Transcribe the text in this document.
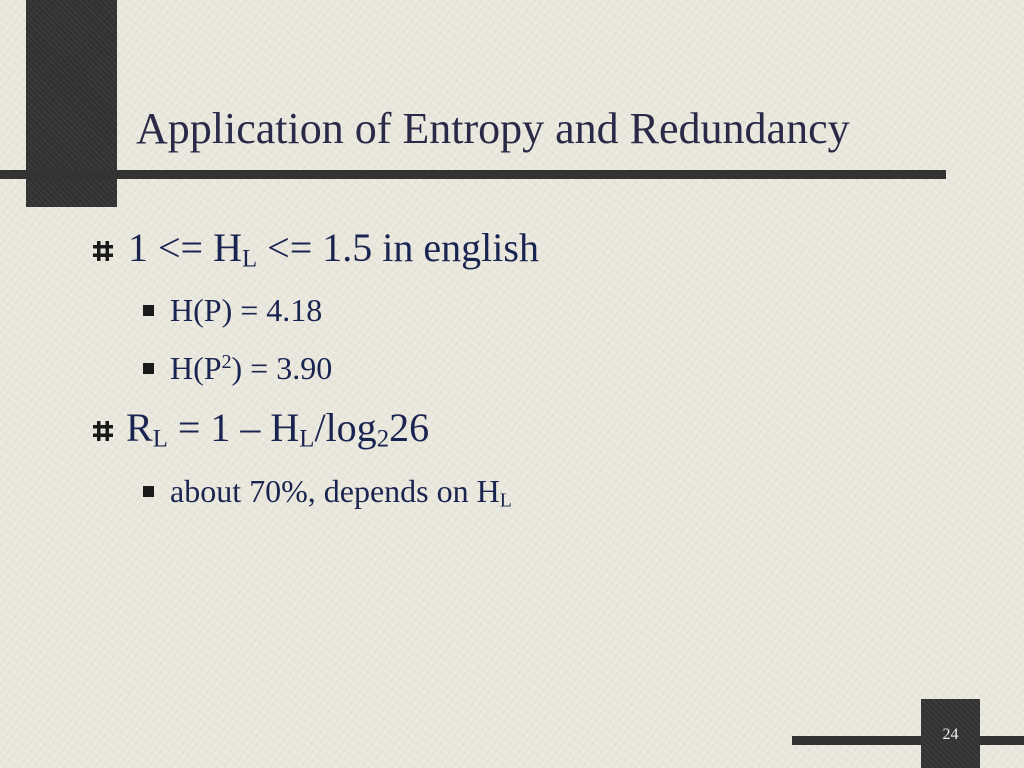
Application of Entropy and Redundancy
$1 <= H_L <= 1.5$ in english
H(P) = 4.18
$H(P^2) = 3.90$
$R_L = 1 - H_L/\log_226$
about 70%, depends on $H_L$
24
